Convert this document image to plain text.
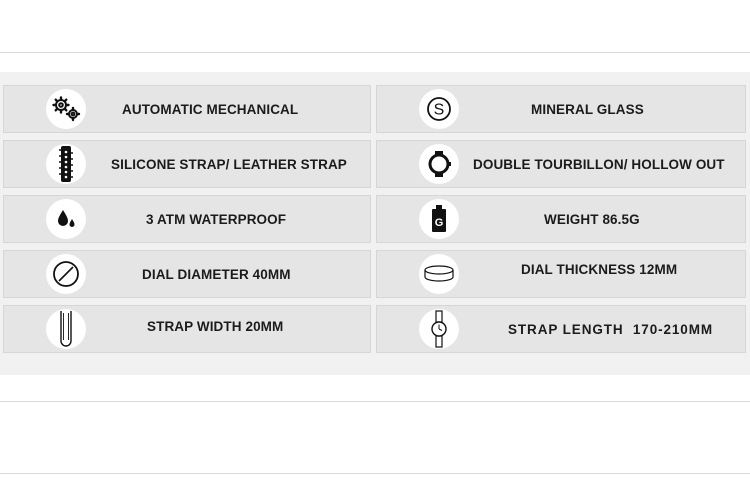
AUTOMATIC MECHANICAL	S	MINERAL GLASS
SILICONE STRAP/ LEATHER STRAP	DOUBLE TOURBILLON/ HOLLOW OUT
3 ATM WATERPROOF	G	WEIGHT 86.5G
DIAL DIAMETER 40MM	DIAL THICKNESS 12MM
STRAP WIDTH 20MM	STRAP LENGTH 170-210MM
